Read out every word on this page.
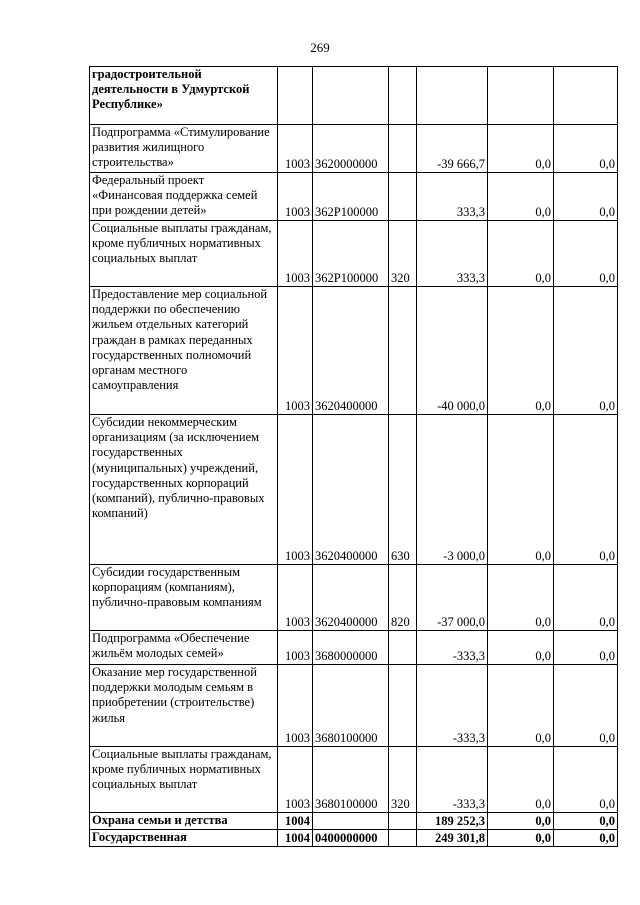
269
градостроительной деятельности в Удмуртской Республике»						
Подпрограмма «Стимулирование развития жилищного строительства»	1003	3620000000		-39 666,7	0,0	0,0
Федеральный проект «Финансовая поддержка семей при рождении детей»	1003	362Р100000		333,3	0,0	0,0
Социальные выплаты гражданам, кроме публичных нормативных социальных выплат	1003	362Р100000	320	333,3	0,0	0,0
Предоставление мер социальной поддержки по обеспечению жильем отдельных категорий граждан в рамках переданных государственных полномочий органам местного самоуправления	1003	3620400000		-40 000,0	0,0	0,0
Субсидии некоммерческим организациям (за исключением государственных (муниципальных) учреждений, государственных корпораций (компаний), публично-правовых компаний)	1003	3620400000	630	-3 000,0	0,0	0,0
Субсидии государственным корпорациям (компаниям), публично-правовым компаниям	1003	3620400000	820	-37 000,0	0,0	0,0
Подпрограмма «Обеспечение жильём молодых семей»	1003	3680000000		-333,3	0,0	0,0
Оказание мер государственной поддержки молодым семьям в приобретении (строительстве) жилья	1003	3680100000		-333,3	0,0	0,0
Социальные выплаты гражданам, кроме публичных нормативных социальных выплат	1003	3680100000	320	-333,3	0,0	0,0
Охрана семьи и детства	1004			189 252,3	0,0	0,0
Государственная	1004	0400000000		249 301,8	0,0	0,0
